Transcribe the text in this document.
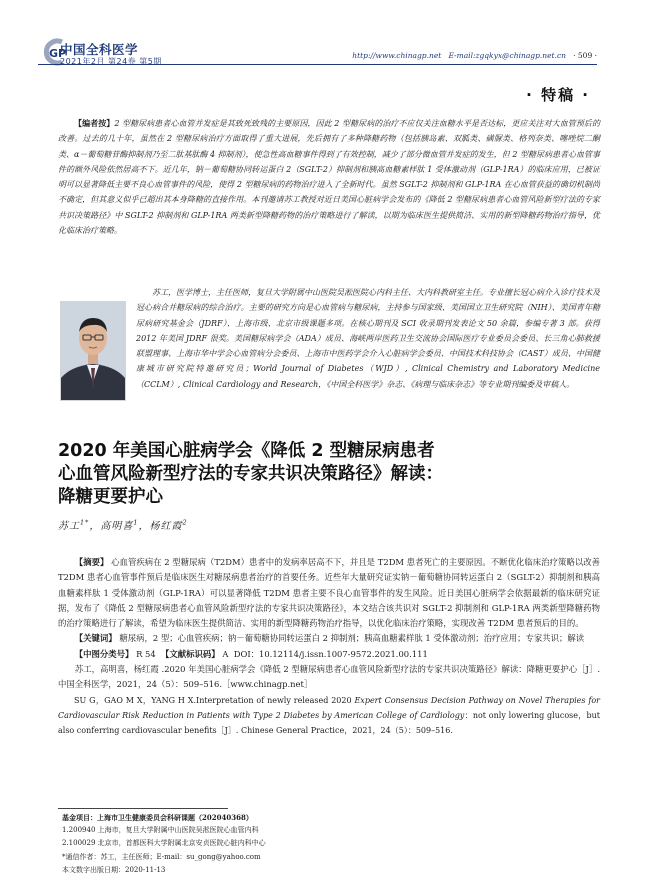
GP
中国全科医学
2021年2月 第24卷 第5期
http://www.chinagp.net E-mail:zgqkyx@chinagp.net.cn · 509 ·
· 特稿 ·
【编者按】2 型糖尿病患者心血管并发症是其致死致残的主要原因，因此 2 型糖尿病的治疗不应仅关注血糖水平是否达标，更应关注对大血管预后的改善。过去的几十年，虽然在 2 型糖尿病治疗方面取得了重大进展，先后拥有了多种降糖药物（包括胰岛素、双胍类、磺脲类、格列奈类、噻唑烷二酮类、α－葡萄糖苷酶抑制剂乃至二肽基肽酶 4 抑制剂），使急性高血糖事件得到了有效控制，减少了部分微血管并发症的发生，但 2 型糖尿病患者心血管事件的额外风险依然居高不下。近几年，钠－葡萄糖协同转运蛋白 2（SGLT-2）抑制剂和胰高血糖素样肽 1 受体激动剂（GLP-1RA）的临床应用，已被证明可以显著降低主要不良心血管事件的风险，使得 2 型糖尿病的药物治疗进入了全新时代。虽然 SGLT-2 抑制剂和 GLP-1RA 在心血管获益的确切机制尚不确定，但其意义似乎已超出其本身降糖的直接作用。本刊邀请苏工教授对近日美国心脏病学会发布的《降低 2 型糖尿病患者心血管风险新型疗法的专家共识决策路径》中 SGLT-2 抑制剂和 GLP-1RA 两类新型降糖药物的治疗策略进行了解读，以期为临床医生提供简洁、实用的新型降糖药物治疗指导，优化临床治疗策略。

苏工，医学博士，主任医师，复旦大学附属中山医院吴淞医院心内科主任、大内科教研室主任。专业擅长冠心病介入诊疗技术及冠心病合并糖尿病的综合治疗。主要的研究方向是心血管病与糖尿病，主持参与国家级、美国国立卫生研究院（NIH）、美国青年糖尿病研究基金会（JDRF）、上海市级、北京市级课题多项。在核心期刊及 SCI 收录期刊发表论文 50 余篇，参编专著 3 部。获得 2012 年美国 JDRF 很奖。美国糖尿病学会（ADA）成员、海峡两岸医药卫生交流协会国际医疗专业委员会委员、长三角心肺救援联盟理事、上海市华中学会心血管病分会委员、上海市中医药学会介入心脏病学会委员、中国技术科技协会（CAST）成员、中国健康城市研究院特邀研究员；World Journal of Diabetes（WJD）, Clinical Chemistry and Laboratory Medicine（CCLM）, Clinical Cardiology and Research，《中国全科医学》杂志、《病理与临床杂志》等专业期刊编委及审稿人。

2020 年美国心脏病学会《降低 2 型糖尿病患者
心血管风险新型疗法的专家共识决策路径》解读：
降糖更要护心
苏工$^{1*}$，高明喜$^1$，杨红霞$^2$

【摘要】 心血管疾病在 2 型糖尿病（T2DM）患者中的发病率居高不下，并且是 T2DM 患者死亡的主要原因。不断优化临床治疗策略以改善 T2DM 患者心血管事件预后是临床医生对糖尿病患者治疗的首要任务。近些年大量研究证实钠－葡萄糖协同转运蛋白 2（SGLT-2）抑制剂和胰高血糖素样肽 1 受体激动剂（GLP-1RA）可以显著降低 T2DM 患者主要不良心血管事件的发生风险。近日美国心脏病学会依据最新的临床研究证据，发布了《降低 2 型糖尿病患者心血管风险新型疗法的专家共识决策路径》，本文结合该共识对 SGLT-2 抑制剂和 GLP-1RA 两类新型降糖药物的治疗策略进行了解读，希望为临床医生提供简洁、实用的新型降糖药物治疗指导，以优化临床治疗策略，实现改善 T2DM 患者预后的目的。

【关键词】 糖尿病，2 型；心血管疾病；钠－葡萄糖协同转运蛋白 2 抑制剂；胰高血糖素样肽 1 受体激动剂；治疗应用；专家共识；解读

【中图分类号】 R 54 【文献标识码】 A DOI：10.12114/j.issn.1007-9572.2021.00.111

苏工，高明喜，杨红霞 .2020 年美国心脏病学会《降低 2 型糖尿病患者心血管风险新型疗法的专家共识决策路径》解读：降糖更要护心［J］. 中国全科医学，2021，24（5）：509–516.［www.chinagp.net］

SU G，GAO M X，YANG H X.Interpretation of newly released 2020 Expert Consensus Decision Pathway on Novel Therapies for Cardiovascular Risk Reduction in Patients with Type 2 Diabetes by American College of Cardiology：not only lowering glucose，but also conferring cardiovascular benefits［J］. Chinese General Practice，2021，24（5）：509–516.

基金项目：上海市卫生健康委员会科研课题（202040368）
1.200940 上海市，复旦大学附属中山医院吴淞医院心血管内科
2.100029 北京市，首都医科大学附属北京安贞医院心脏内科中心
*通信作者：苏工，主任医师；E-mail：su_gong@yahoo.com
本文数字出版日期：2020-11-13
